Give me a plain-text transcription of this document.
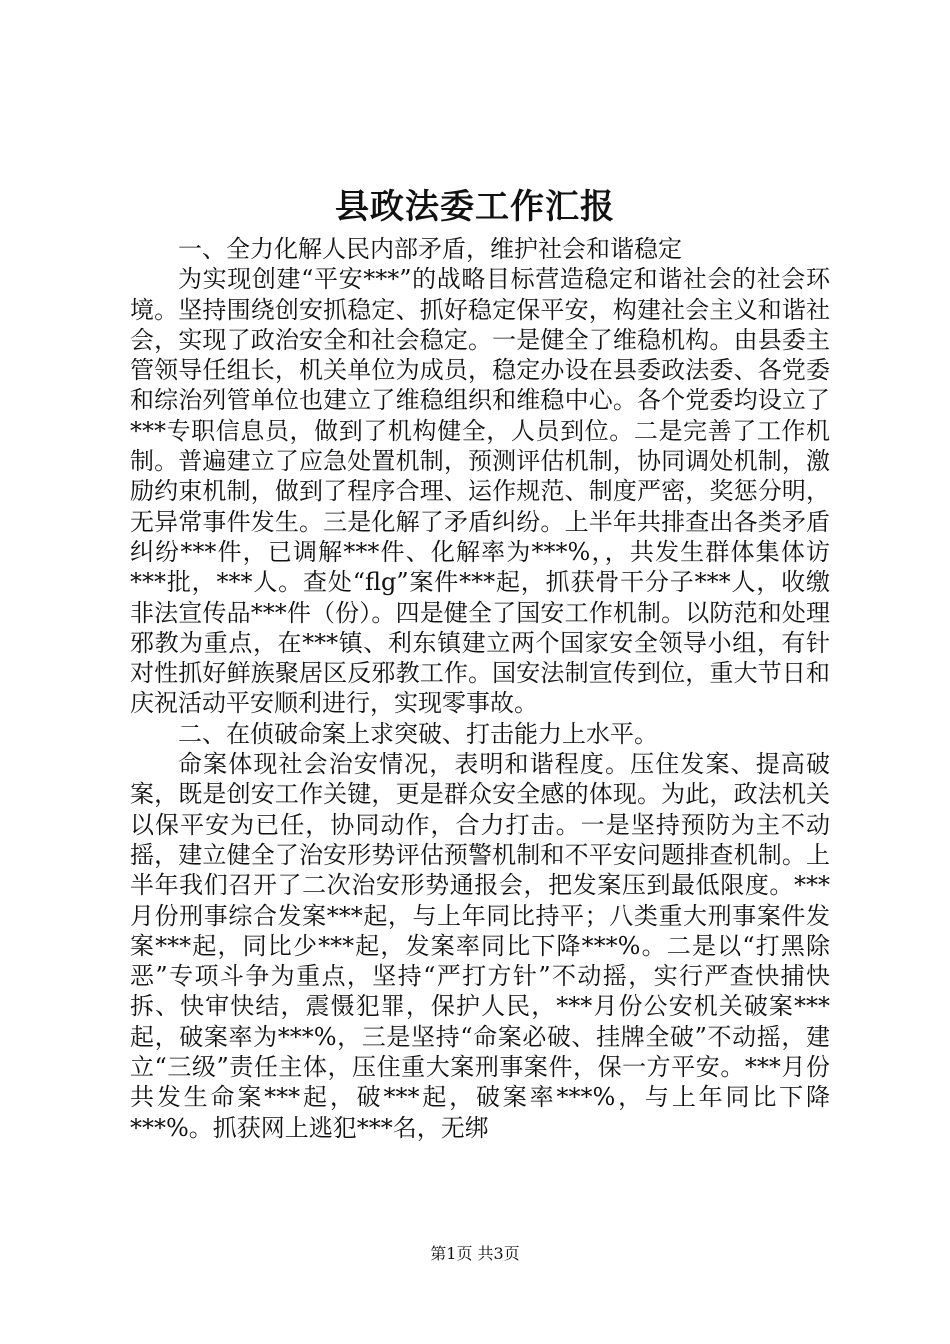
县政法委工作汇报

一、全力化解人民内部矛盾，维护社会和谐稳定

为实现创建“平安***”的战略目标营造稳定和谐社会的社会环境。坚持围绕创安抓稳定、抓好稳定保平安，构建社会主义和谐社会，实现了政治安全和社会稳定。一是健全了维稳机构。由县委主管领导任组长，机关单位为成员，稳定办设在县委政法委、各党委和综治列管单位也建立了维稳组织和维稳中心。各个党委均设立了***专职信息员，做到了机构健全，人员到位。二是完善了工作机制。普遍建立了应急处置机制，预测评估机制，协同调处机制，激励约束机制，做到了程序合理、运作规范、制度严密，奖惩分明，无异常事件发生。三是化解了矛盾纠纷。上半年共排查出各类矛盾纠纷***件，已调解***件、化解率为***%，，共发生群体集体访***批，***人。查处“flg”案件***起，抓获骨干分子***人，收缴非法宣传品***件（份）。四是健全了国安工作机制。以防范和处理邪教为重点，在***镇、利东镇建立两个国家安全领导小组，有针对性抓好鲜族聚居区反邪教工作。国安法制宣传到位，重大节日和庆祝活动平安顺利进行，实现零事故。

二、在侦破命案上求突破、打击能力上水平。

命案体现社会治安情况，表明和谐程度。压住发案、提高破案，既是创安工作关键，更是群众安全感的体现。为此，政法机关以保平安为已任，协同动作，合力打击。一是坚持预防为主不动摇，建立健全了治安形势评估预警机制和不平安问题排查机制。上半年我们召开了二次治安形势通报会，把发案压到最低限度。***月份刑事综合发案***起，与上年同比持平；八类重大刑事案件发案***起，同比少***起，发案率同比下降***%。二是以“打黑除恶”专项斗争为重点，坚持“严打方针”不动摇，实行严查快捕快拆、快审快结，震慑犯罪，保护人民，***月份公安机关破案***起，破案率为***%，三是坚持“命案必破、挂牌全破”不动摇，建立“三级”责任主体，压住重大案刑事案件，保一方平安。***月份共发生命案***起，破***起，破案率***%，与上年同比下降***%。抓获网上逃犯***名，无绑

第1页 共3页
